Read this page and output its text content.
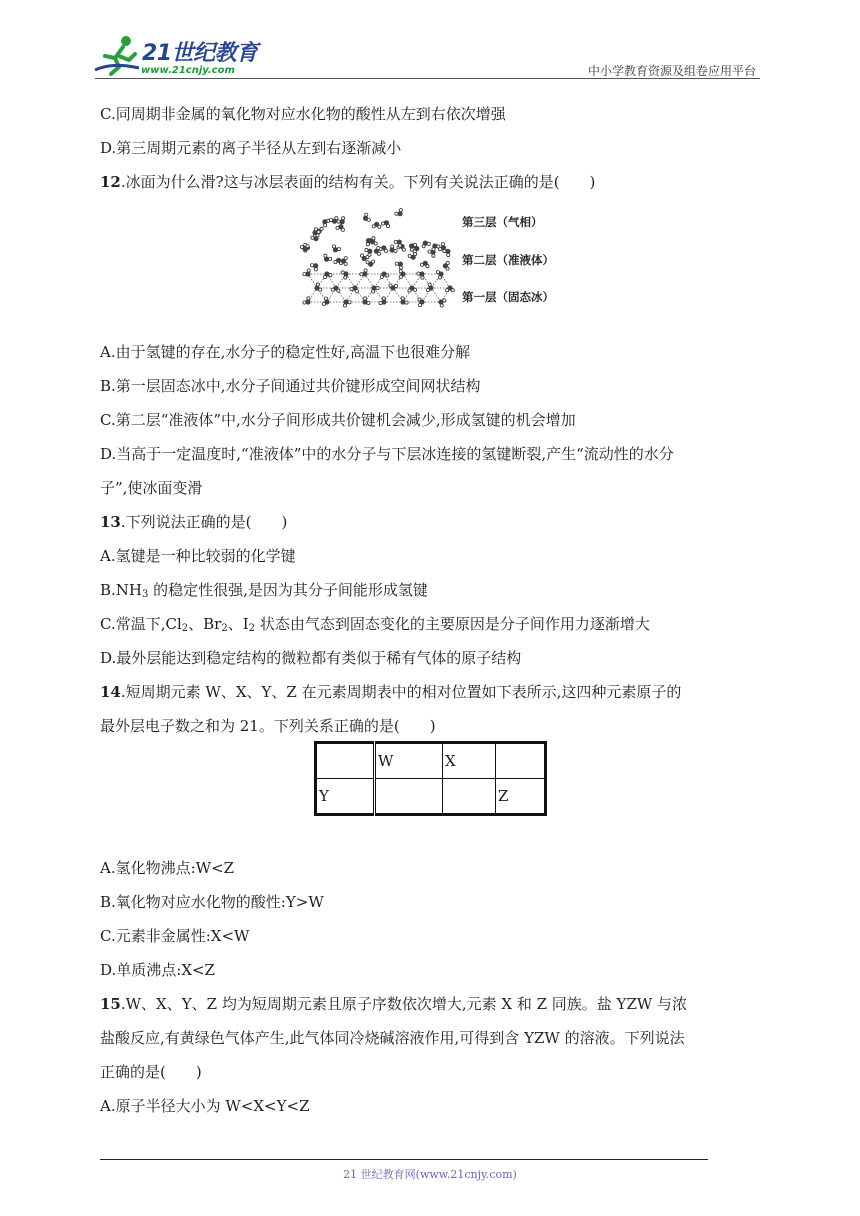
21世纪教育
www.21cnjy.com	中小学教育资源及组卷应用平台
C.同周期非金属的氧化物对应水化物的酸性从左到右依次增强
D.第三周期元素的离子半径从左到右逐渐减小
12.冰面为什么滑?这与冰层表面的结构有关。下列有关说法正确的是(　　)
第三层（气相）
第二层（准液体）
第一层（固态冰）
A.由于氢键的存在,水分子的稳定性好,高温下也很难分解
B.第一层固态冰中,水分子间通过共价键形成空间网状结构
C.第二层“准液体”中,水分子间形成共价键机会减少,形成氢键的机会增加
D.当高于一定温度时,“准液体”中的水分子与下层冰连接的氢键断裂,产生“流动性的水分
子”,使冰面变滑
13.下列说法正确的是(　　)
A.氢键是一种比较弱的化学键
$B.NH_3$ 的稳定性很强,是因为其分子间能形成氢键
C.常温下$,Cl_2$、$Br_2$、$I_2$ 状态由气态到固态变化的主要原因是分子间作用力逐渐增大
D.最外层能达到稳定结构的微粒都有类似于稀有气体的原子结构
14.短周期元素 W、X、Y、Z 在元素周期表中的相对位置如下表所示,这四种元素原子的
最外层电子数之和为 21。下列关系正确的是(　　)
	W	X	
Y			Z
A.氢化物沸点:W<Z
B.氧化物对应水化物的酸性:Y>W
C.元素非金属性:X<W
D.单质沸点:X<Z
15.W、X、Y、Z 均为短周期元素且原子序数依次增大,元素 X 和 Z 同族。盐 YZW 与浓
盐酸反应,有黄绿色气体产生,此气体同冷烧碱溶液作用,可得到含 YZW 的溶液。下列说法
正确的是(　　)
A.原子半径大小为 W<X<Y<Z
21 世纪教育网(www.21cnjy.com)
